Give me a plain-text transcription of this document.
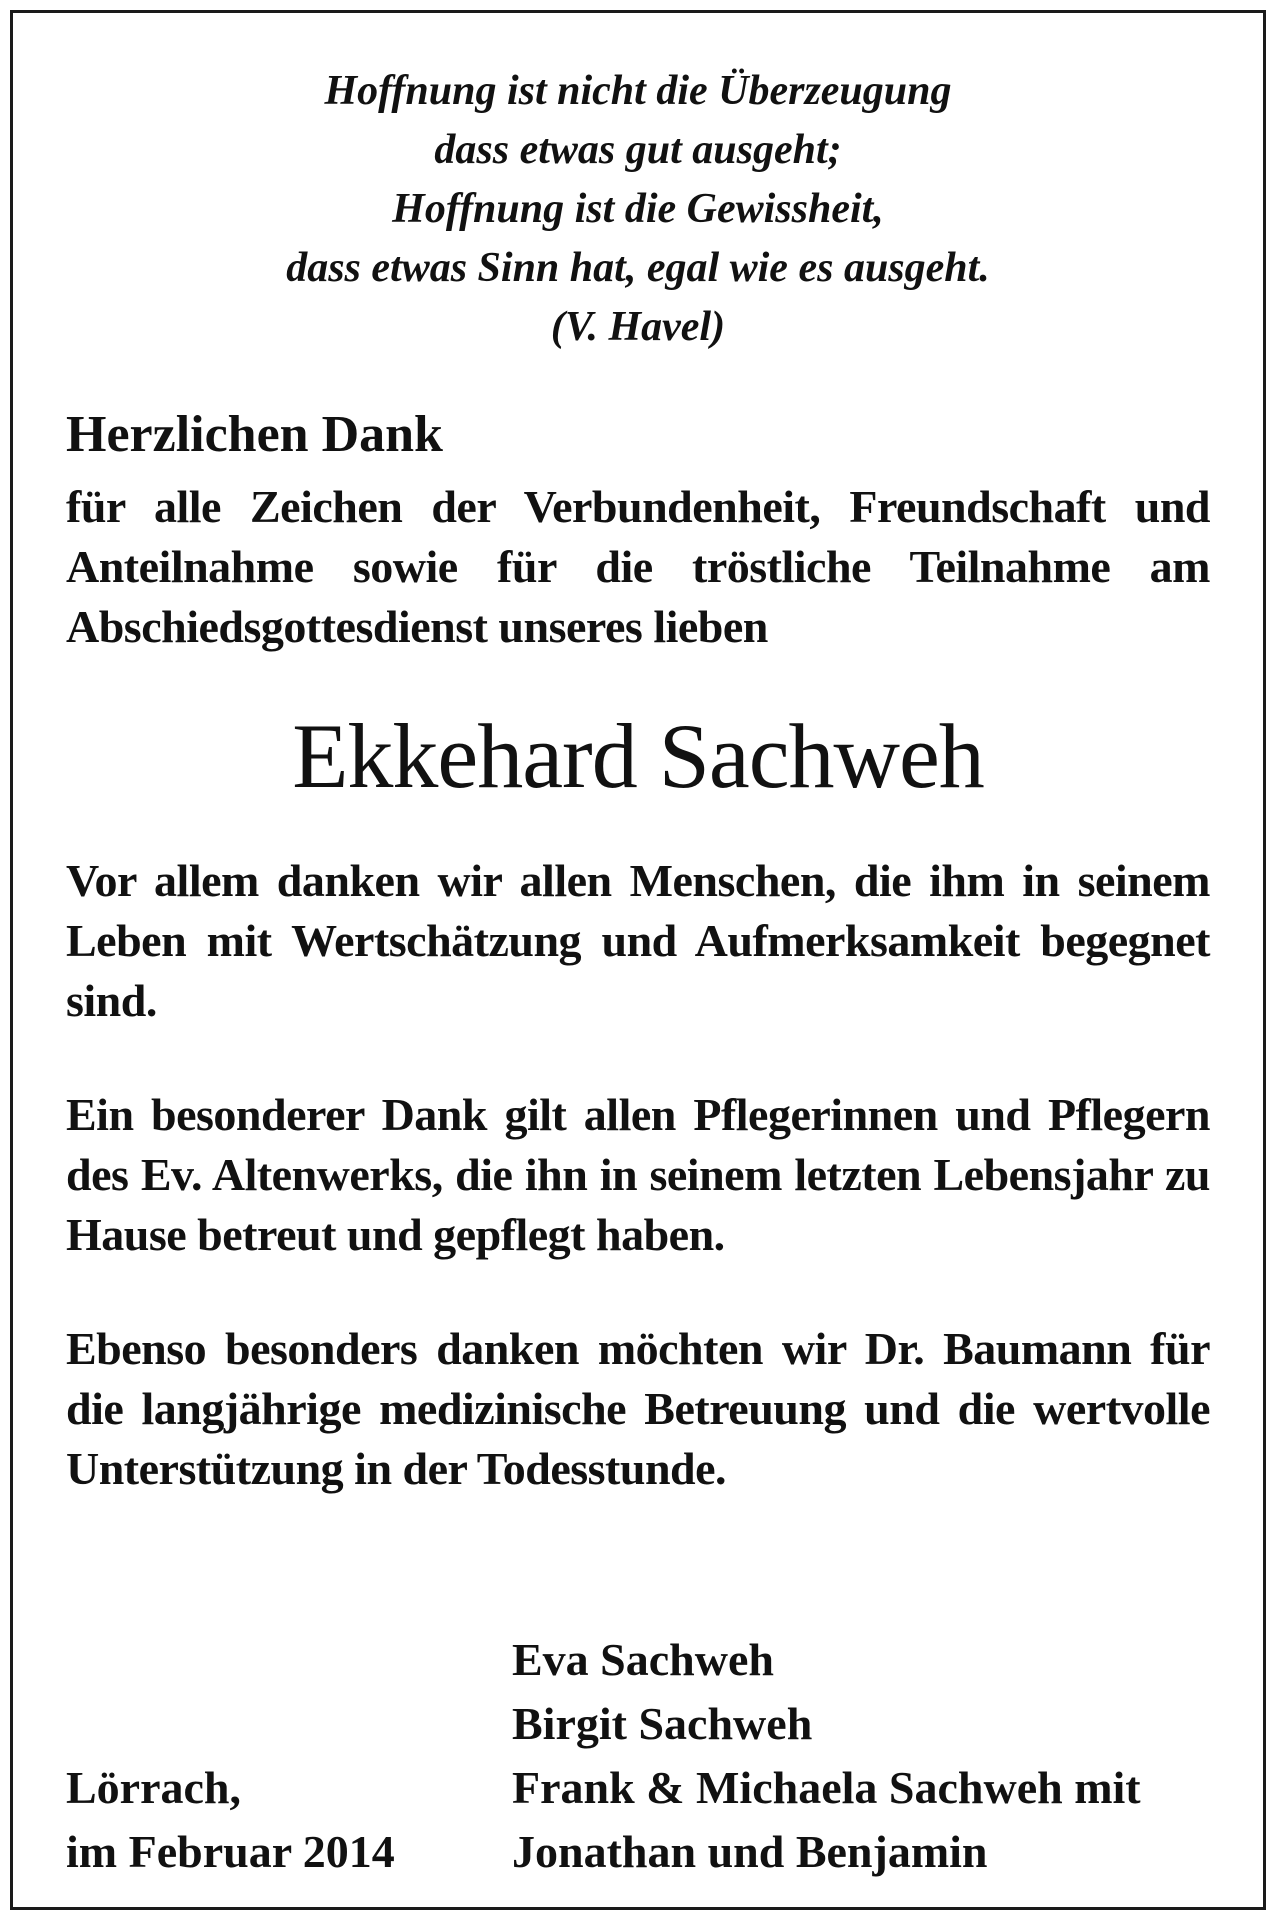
Hoffnung ist nicht die Überzeugung
dass etwas gut ausgeht;
Hoffnung ist die Gewissheit,
dass etwas Sinn hat, egal wie es ausgeht.
(V. Havel)
Herzlichen Dank

für alle Zeichen der Verbundenheit, Freundschaft und Anteilnahme sowie für die tröstliche Teilnahme am Abschiedsgottesdienst unseres lieben

Ekkehard Sachweh

Vor allem danken wir allen Menschen, die ihm in seinem Leben mit Wertschätzung und Aufmerksamkeit begegnet sind.

Ein besonderer Dank gilt allen Pflegerinnen und Pflegern des Ev. Altenwerks, die ihn in seinem letzten Lebensjahr zu Hause betreut und gepflegt haben.

Ebenso besonders danken möchten wir Dr. Baumann für die langjährige medizinische Betreuung und die wertvolle Unterstützung in der Todesstunde.

Lörrach,
im Februar 2014
Eva Sachweh
Birgit Sachweh
Frank & Michaela Sachweh mit
Jonathan und Benjamin
